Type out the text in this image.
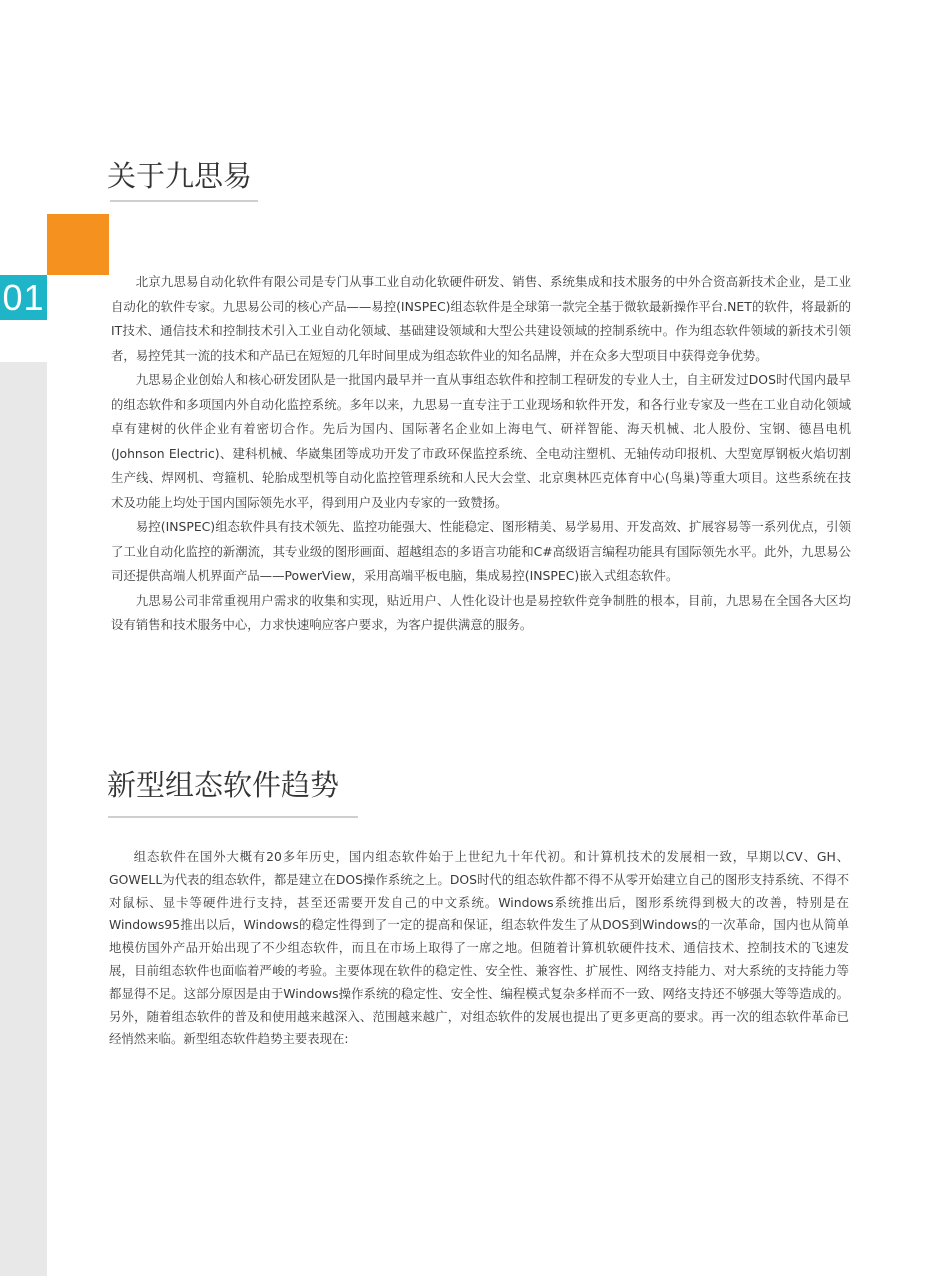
01
关于九思易

北京九思易自动化软件有限公司是专门从事工业自动化软硬件研发、销售、系统集成和技术服务的中外合资高新技术企业，是工业自动化的软件专家。九思易公司的核心产品——易控(INSPEC)组态软件是全球第一款完全基于微软最新操作平台.NET的软件，将最新的IT技术、通信技术和控制技术引入工业自动化领域、基础建设领域和大型公共建设领域的控制系统中。作为组态软件领域的新技术引领者，易控凭其一流的技术和产品已在短短的几年时间里成为组态软件业的知名品牌，并在众多大型项目中获得竞争优势。

九思易企业创始人和核心研发团队是一批国内最早并一直从事组态软件和控制工程研发的专业人士，自主研发过DOS时代国内最早的组态软件和多项国内外自动化监控系统。多年以来，九思易一直专注于工业现场和软件开发，和各行业专家及一些在工业自动化领域卓有建树的伙伴企业有着密切合作。先后为国内、国际著名企业如上海电气、研祥智能、海天机械、北人股份、宝钢、德昌电机(Johnson Electric)、建科机械、华崴集团等成功开发了市政环保监控系统、全电动注塑机、无轴传动印报机、大型宽厚钢板火焰切割生产线、焊网机、弯箍机、轮胎成型机等自动化监控管理系统和人民大会堂、北京奥林匹克体育中心(鸟巢)等重大项目。这些系统在技术及功能上均处于国内国际领先水平，得到用户及业内专家的一致赞扬。

易控(INSPEC)组态软件具有技术领先、监控功能强大、性能稳定、图形精美、易学易用、开发高效、扩展容易等一系列优点，引领了工业自动化监控的新潮流，其专业级的图形画面、超越组态的多语言功能和C#高级语言编程功能具有国际领先水平。此外，九思易公司还提供高端人机界面产品——PowerView，采用高端平板电脑，集成易控(INSPEC)嵌入式组态软件。

九思易公司非常重视用户需求的收集和实现，贴近用户、人性化设计也是易控软件竞争制胜的根本，目前，九思易在全国各大区均设有销售和技术服务中心，力求快速响应客户要求，为客户提供满意的服务。

新型组态软件趋势

组态软件在国外大概有20多年历史，国内组态软件始于上世纪九十年代初。和计算机技术的发展相一致，早期以CV、GH、GOWELL为代表的组态软件，都是建立在DOS操作系统之上。DOS时代的组态软件都不得不从零开始建立自己的图形支持系统、不得不对鼠标、显卡等硬件进行支持，甚至还需要开发自己的中文系统。Windows系统推出后，图形系统得到极大的改善，特别是在Windows95推出以后，Windows的稳定性得到了一定的提高和保证，组态软件发生了从DOS到Windows的一次革命，国内也从简单地模仿国外产品开始出现了不少组态软件，而且在市场上取得了一席之地。但随着计算机软硬件技术、通信技术、控制技术的飞速发展，目前组态软件也面临着严峻的考验。主要体现在软件的稳定性、安全性、兼容性、扩展性、网络支持能力、对大系统的支持能力等都显得不足。这部分原因是由于Windows操作系统的稳定性、安全性、编程模式复杂多样而不一致、网络支持还不够强大等等造成的。另外，随着组态软件的普及和使用越来越深入、范围越来越广，对组态软件的发展也提出了更多更高的要求。再一次的组态软件革命已经悄然来临。新型组态软件趋势主要表现在:
